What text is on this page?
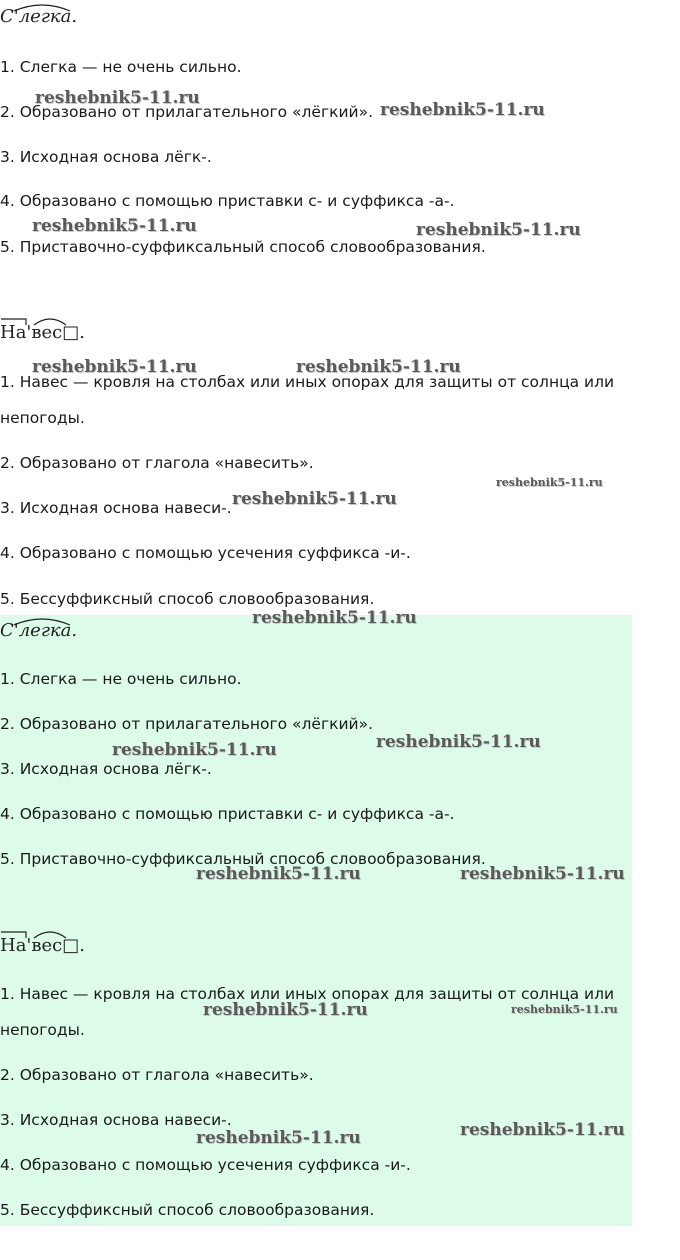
С'легка.
1. Слегка — не очень сильно.
2. Образовано от прилагательного «лёгкий».
3. Исходная основа лёгк-.
4. Образовано с помощью приставки с- и суффикса -а-.
5. Приставочно-суффиксальный способ словообразования.
На'вес□.
1. Навес — кровля на столбах или иных опорах для защиты от солнца или
непогоды.
2. Образовано от глагола «навесить».
3. Исходная основа навеси-.
4. Образовано с помощью усечения суффикса -и-.
5. Бессуффиксный способ словообразования.
С'легка.
1. Слегка — не очень сильно.
2. Образовано от прилагательного «лёгкий».
3. Исходная основа лёгк-.
4. Образовано с помощью приставки с- и суффикса -а-.
5. Приставочно-суффиксальный способ словообразования.
На'вес□.
1. Навес — кровля на столбах или иных опорах для защиты от солнца или
непогоды.
2. Образовано от глагола «навесить».
3. Исходная основа навеси-.
4. Образовано с помощью усечения суффикса -и-.
5. Бессуффиксный способ словообразования.
reshebnik5-11.ru
reshebnik5-11.ru
reshebnik5-11.ru	reshebnik5-11.ru
reshebnik5-11.ru	reshebnik5-11.ru
reshebnik5-11.ru
reshebnik5-11.ru
reshebnik5-11.ru
reshebnik5-11.ru
reshebnik5-11.ru
reshebnik5-11.ru	reshebnik5-11.ru
reshebnik5-11.ru	reshebnik5-11.ru
reshebnik5-11.ru
reshebnik5-11.ru
